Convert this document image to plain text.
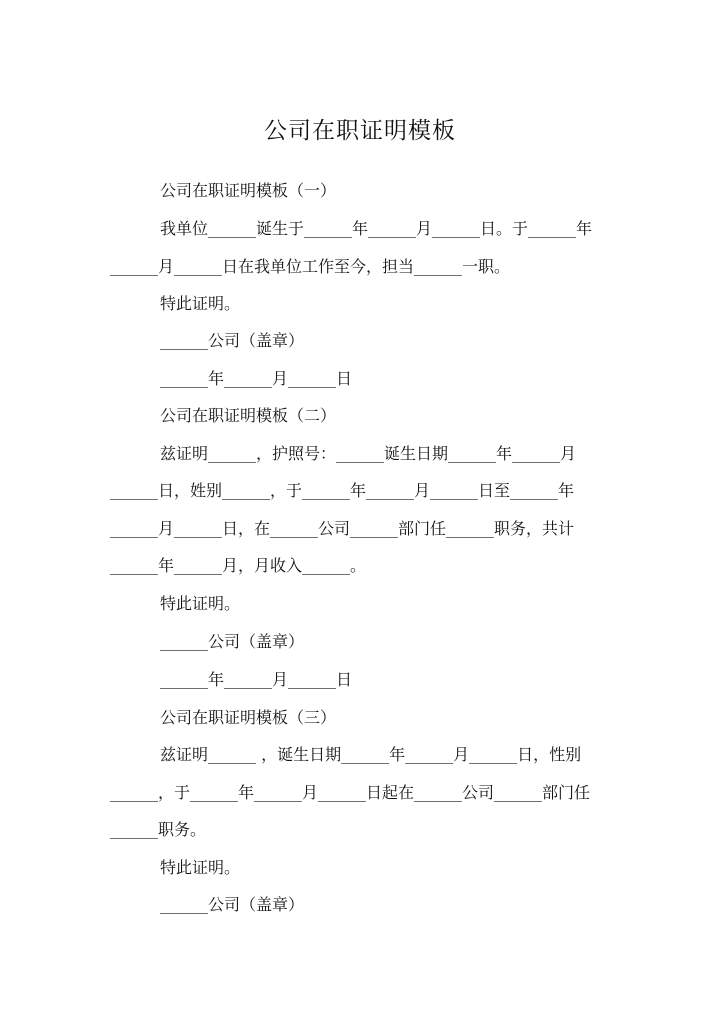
公司在职证明模板
公司在职证明模板（一）
我单位______诞生于______年______月______日。于______年
______月______日在我单位工作至今，担当______一职。
特此证明。
______公司（盖章）
______年______月______日
公司在职证明模板（二）
兹证明______，护照号：______诞生日期______年______月
______日，姓别______，于______年______月______日至______年
______月______日，在______公司______部门任______职务，共计
______年______月，月收入______。
特此证明。
______公司（盖章）
______年______月______日
公司在职证明模板（三）
兹证明______ ，诞生日期______年______月______日，性别
______，于______年______月______日起在______公司______部门任
______职务。
特此证明。
______公司（盖章）
